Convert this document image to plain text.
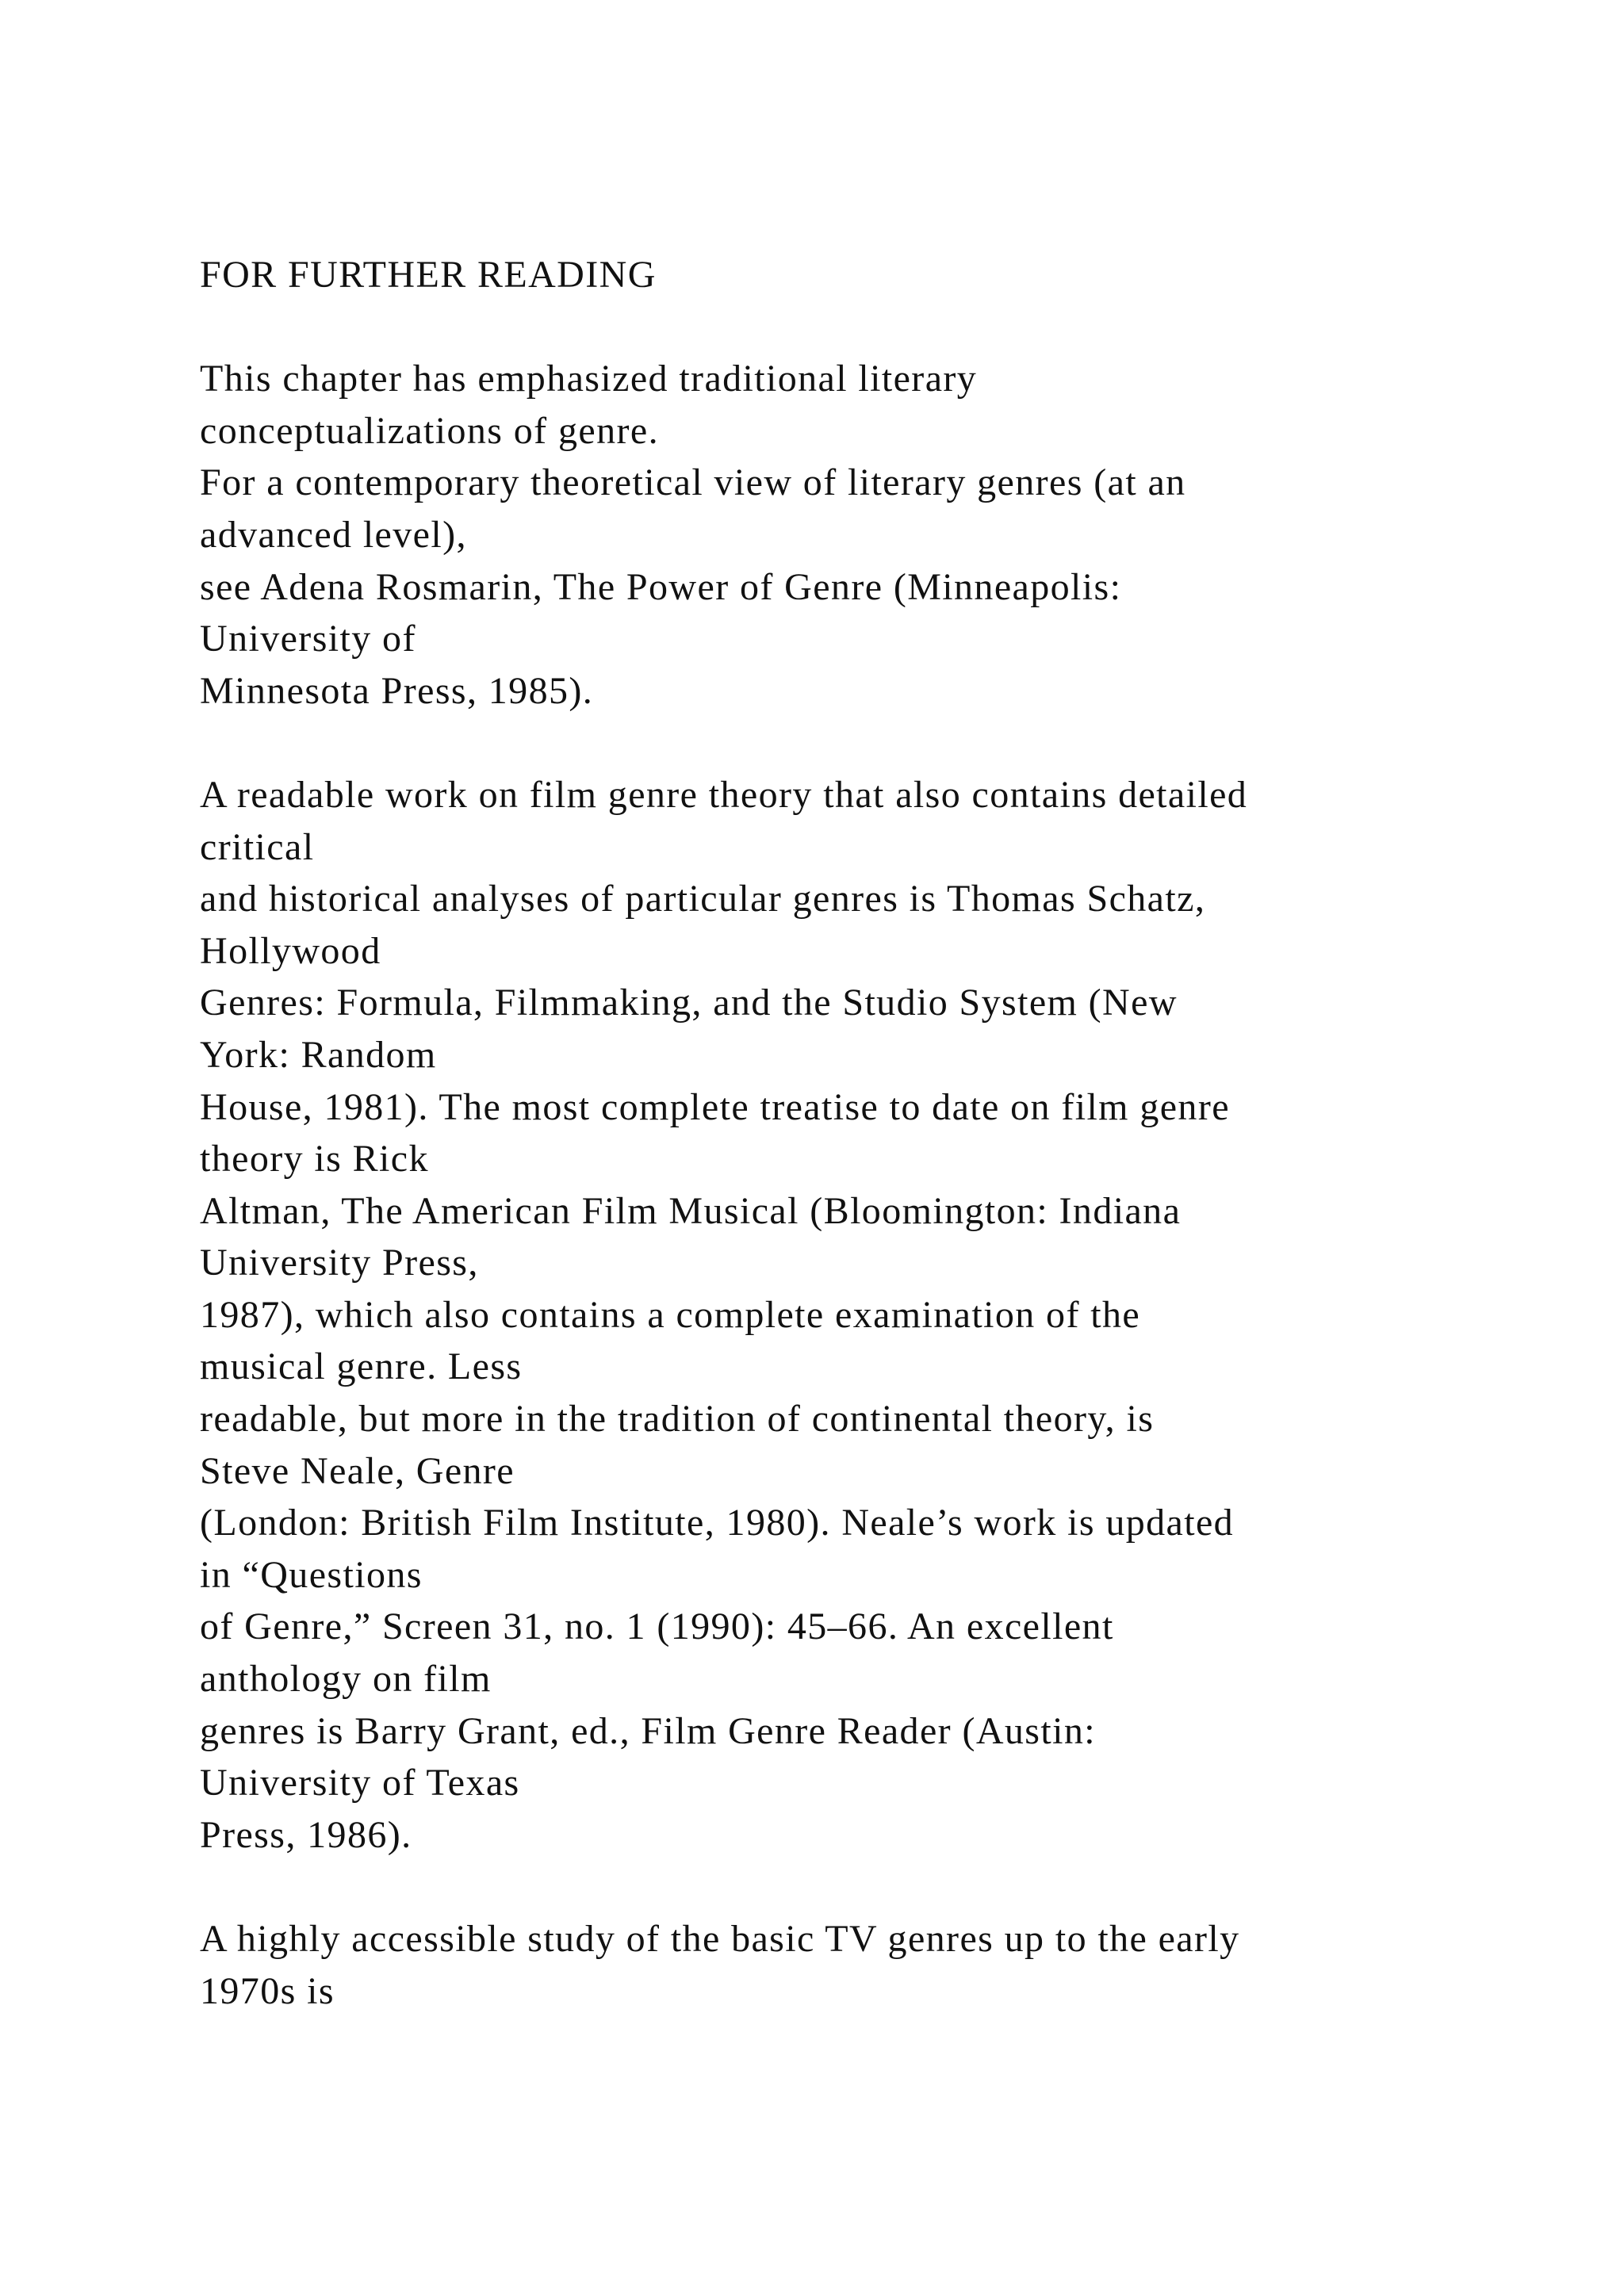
FOR FURTHER READING
This chapter has emphasized traditional literary
conceptualizations of genre.
For a contemporary theoretical view of literary genres (at an
advanced level),
see Adena Rosmarin, The Power of Genre (Minneapolis:
University of
Minnesota Press, 1985).
A readable work on film genre theory that also contains detailed
critical
and historical analyses of particular genres is Thomas Schatz,
Hollywood
Genres: Formula, Filmmaking, and the Studio System (New
York: Random
House, 1981). The most complete treatise to date on film genre
theory is Rick
Altman, The American Film Musical (Bloomington: Indiana
University Press,
1987), which also contains a complete examination of the
musical genre. Less
readable, but more in the tradition of continental theory, is
Steve Neale, Genre
(London: British Film Institute, 1980). Neale’s work is updated
in “Questions
of Genre,” Screen 31, no. 1 (1990): 45–66. An excellent
anthology on film
genres is Barry Grant, ed., Film Genre Reader (Austin:
University of Texas
Press, 1986).
A highly accessible study of the basic TV genres up to the early
1970s is
